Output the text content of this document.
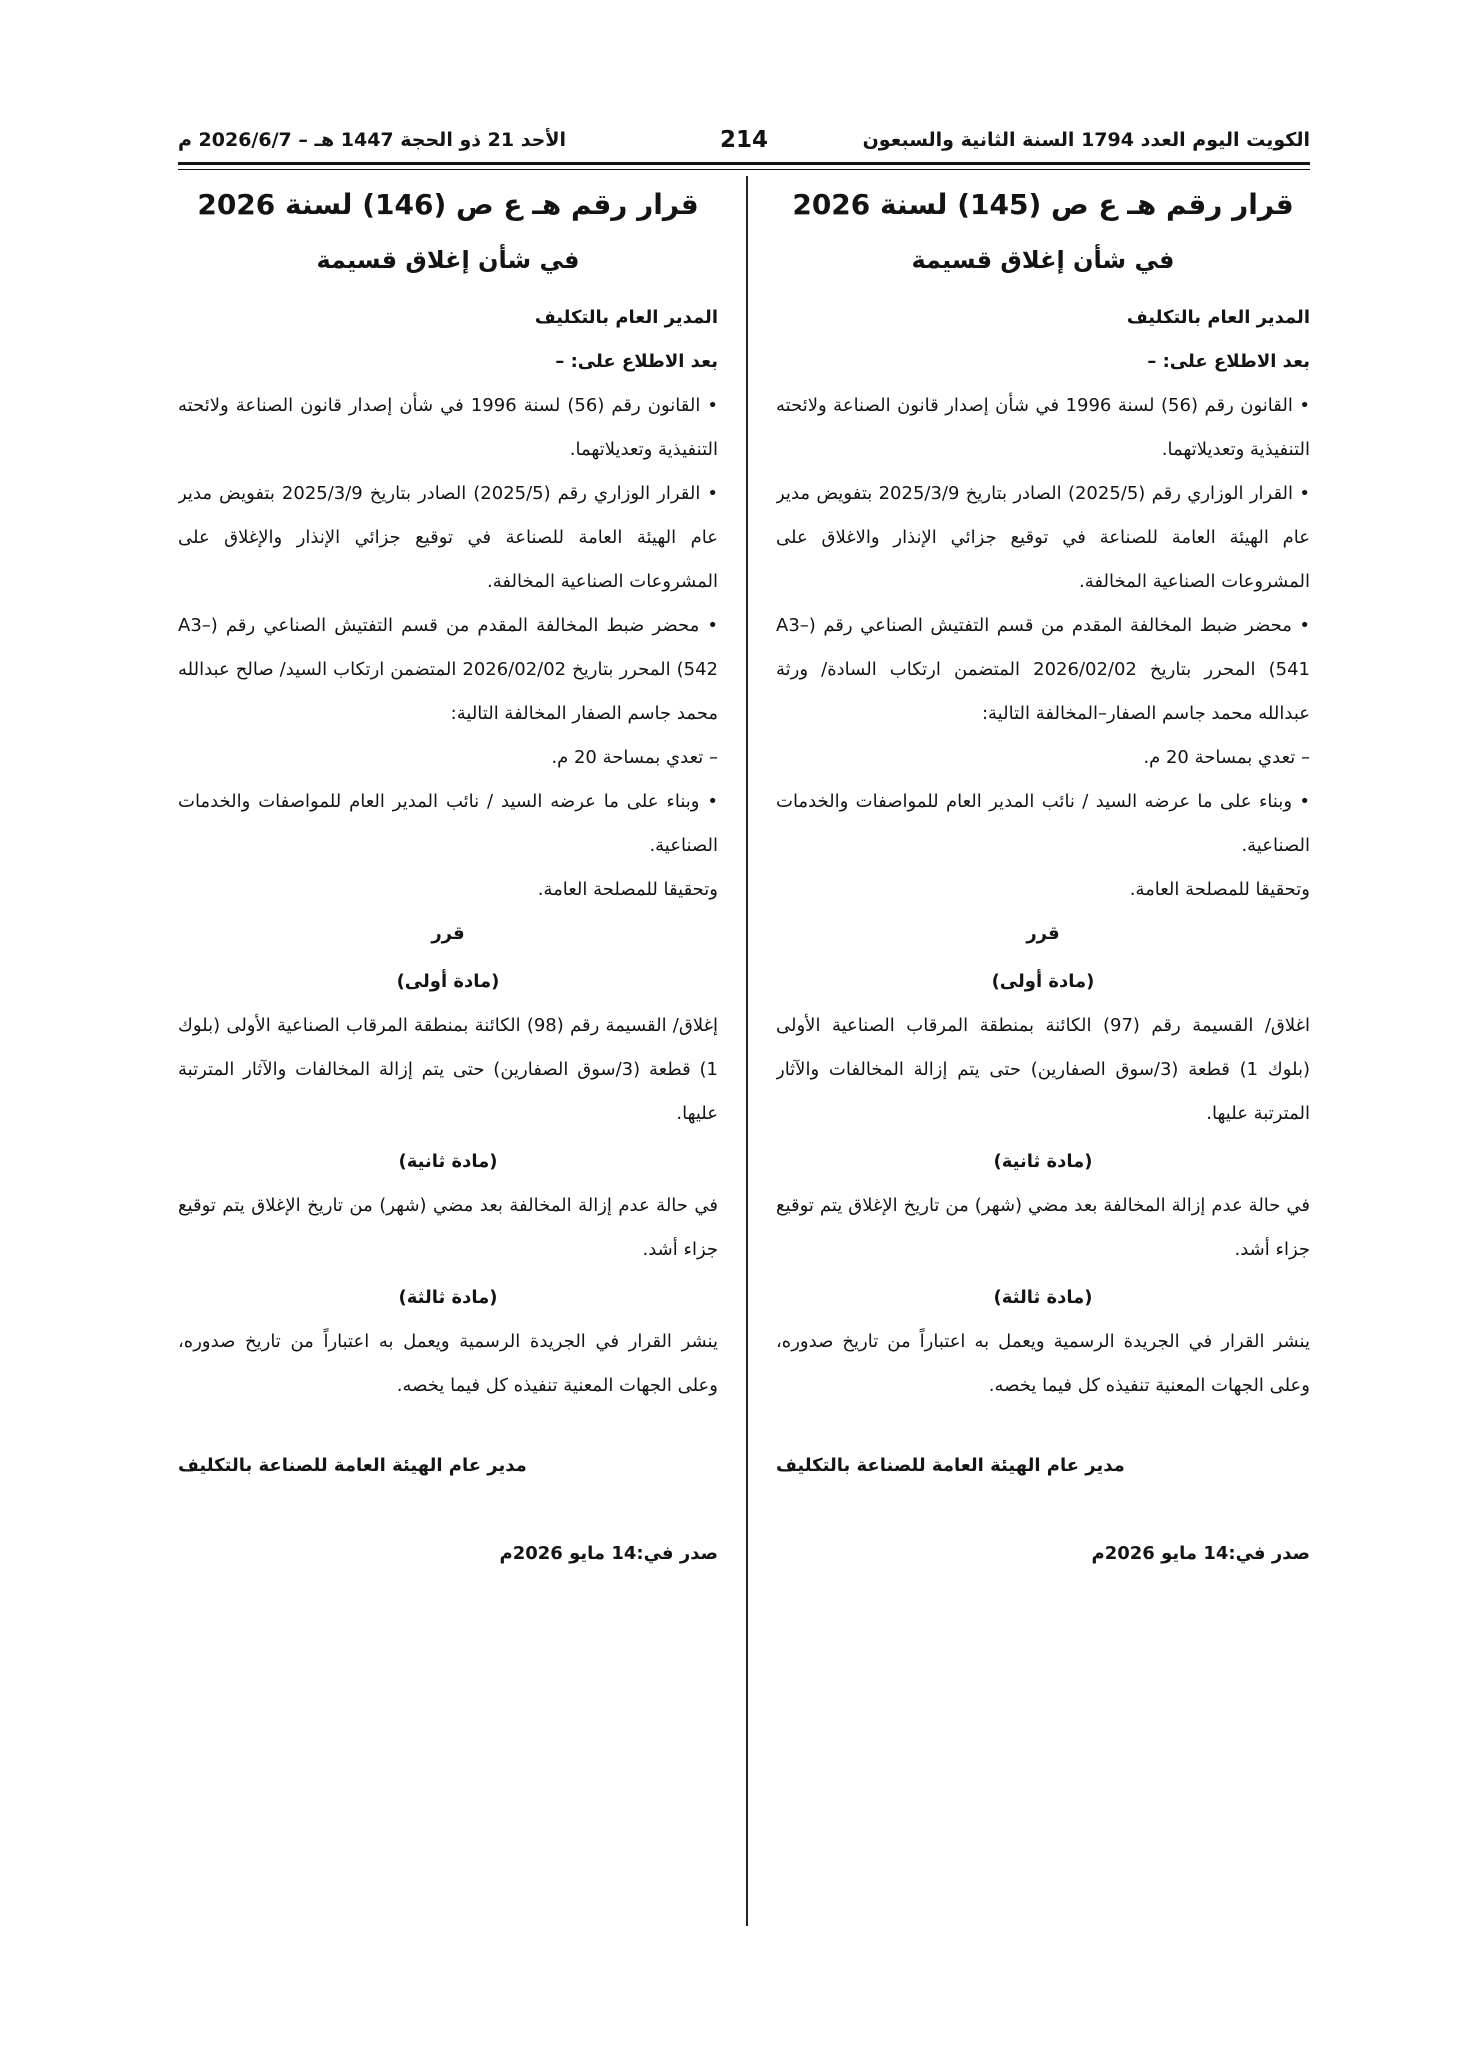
الكويت اليوم العدد 1794 السنة الثانية والسبعون
214
الأحد 21 ذو الحجة 1447 هـ – 2026/6/7 م
قرار رقم هـ ع ص (145) لسنة 2026
في شأن إغلاق قسيمة

المدير العام بالتكليف

بعد الاطلاع على: –

• القانون رقم (56) لسنة 1996 في شأن إصدار قانون الصناعة ولائحته التنفيذية وتعديلاتهما.

• القرار الوزاري رقم (2025/5) الصادر بتاريخ 2025/3/9 بتفويض مدير عام الهيئة العامة للصناعة في توقيع جزائي الإنذار والاغلاق على المشروعات الصناعية المخالفة.

• محضر ضبط المخالفة المقدم من قسم التفتيش الصناعي رقم (A3–541) المحرر بتاريخ 2026/02/02 المتضمن ارتكاب السادة/ ورثة عبدالله محمد جاسم الصفار–المخالفة التالية:

– تعدي بمساحة 20 م.

• وبناء على ما عرضه السيد / نائب المدير العام للمواصفات والخدمات الصناعية.

وتحقيقا للمصلحة العامة.

قرر

(مادة أولى)

اغلاق/ القسيمة رقم (97) الكائنة بمنطقة المرقاب الصناعية الأولى (بلوك 1) قطعة (3/سوق الصفارين) حتى يتم إزالة المخالفات والآثار المترتبة عليها.

(مادة ثانية)

في حالة عدم إزالة المخالفة بعد مضي (شهر) من تاريخ الإغلاق يتم توقيع جزاء أشد.

(مادة ثالثة)

ينشر القرار في الجريدة الرسمية ويعمل به اعتباراً من تاريخ صدوره، وعلى الجهات المعنية تنفيذه كل فيما يخصه.

مدير عام الهيئة العامة للصناعة بالتكليف

صدر في:14 مايو 2026م

قرار رقم هـ ع ص (146) لسنة 2026
في شأن إغلاق قسيمة

المدير العام بالتكليف

بعد الاطلاع على: –

• القانون رقم (56) لسنة 1996 في شأن إصدار قانون الصناعة ولائحته التنفيذية وتعديلاتهما.

• القرار الوزاري رقم (2025/5) الصادر بتاريخ 2025/3/9 بتفويض مدير عام الهيئة العامة للصناعة في توقيع جزائي الإنذار والإغلاق على المشروعات الصناعية المخالفة.

• محضر ضبط المخالفة المقدم من قسم التفتيش الصناعي رقم (A3–542) المحرر بتاريخ 2026/02/02 المتضمن ارتكاب السيد/ صالح عبدالله محمد جاسم الصفار المخالفة التالية:

– تعدي بمساحة 20 م.

• وبناء على ما عرضه السيد / نائب المدير العام للمواصفات والخدمات الصناعية.

وتحقيقا للمصلحة العامة.

قرر

(مادة أولى)

إغلاق/ القسيمة رقم (98) الكائنة بمنطقة المرقاب الصناعية الأولى (بلوك 1) قطعة (3/سوق الصفارين) حتى يتم إزالة المخالفات والآثار المترتبة عليها.

(مادة ثانية)

في حالة عدم إزالة المخالفة بعد مضي (شهر) من تاريخ الإغلاق يتم توقيع جزاء أشد.

(مادة ثالثة)

ينشر القرار في الجريدة الرسمية ويعمل به اعتباراً من تاريخ صدوره، وعلى الجهات المعنية تنفيذه كل فيما يخصه.

مدير عام الهيئة العامة للصناعة بالتكليف

صدر في:14 مايو 2026م
